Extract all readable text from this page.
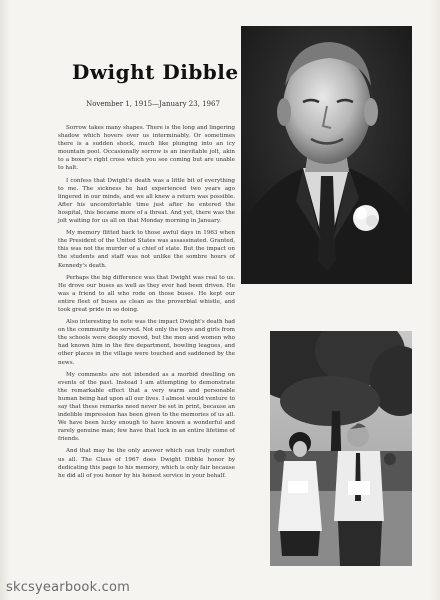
Dwight Dibble
November 1, 1915—January 23, 1967

Sorrow takes many shapes. There is the long and lingering shadow which hovers over us interminably. Or sometimes there is a sudden shock, much like plunging into an icy mountain pool. Occasionally sorrow is an inevitable jolt, akin to a boxer's right cross which you see coming but are unable to halt.

I confess that Dwight's death was a little bit of everything to me. The sickness he had experienced two years ago lingered in our minds, and we all knew a return was possible. After his uncomfortable time just after he entered the hospital, this became more of a threat. And yet, there was the jolt waiting for us all on that Monday morning in January.

My memory flitted back to those awful days in 1963 when the President of the United States was assassinated. Granted, this was not the murder of a chief of state. But the impact on the students and staff was not unlike the sombre hours of Kennedy's death.

Perhaps the big difference was that Dwight was real to us. He drove our buses as well as they ever had been driven. He was a friend to all who rode on those buses. He kept our entire fleet of buses as clean as the proverbial whistle, and took great pride in so doing.

Also interesting to note was the impact Dwight's death had on the community he served. Not only the boys and girls from the schools were deeply moved, but the men and women who had known him in the fire department, bowling leagues, and other places in the village were touched and saddened by the news.

My comments are not intended as a morbid dwelling on events of the past. Instead I am attempting to demonstrate the remarkable effect that a very warm and personable human being had upon all our lives. I almost would venture to say that these remarks need never be set in print, because an indelible impression has been given to the memories of us all. We have been lucky enough to have known a wonderful and rarely genuine man; few have that luck in an entire lifetime of friends.

And that may be the only answer which can truly comfort us all. The Class of 1967 does Dwight Dibble honor by dedicating this page to his memory, which is only fair because he did all of you honor by his honest service in your behalf.

skcsyearbook.com
